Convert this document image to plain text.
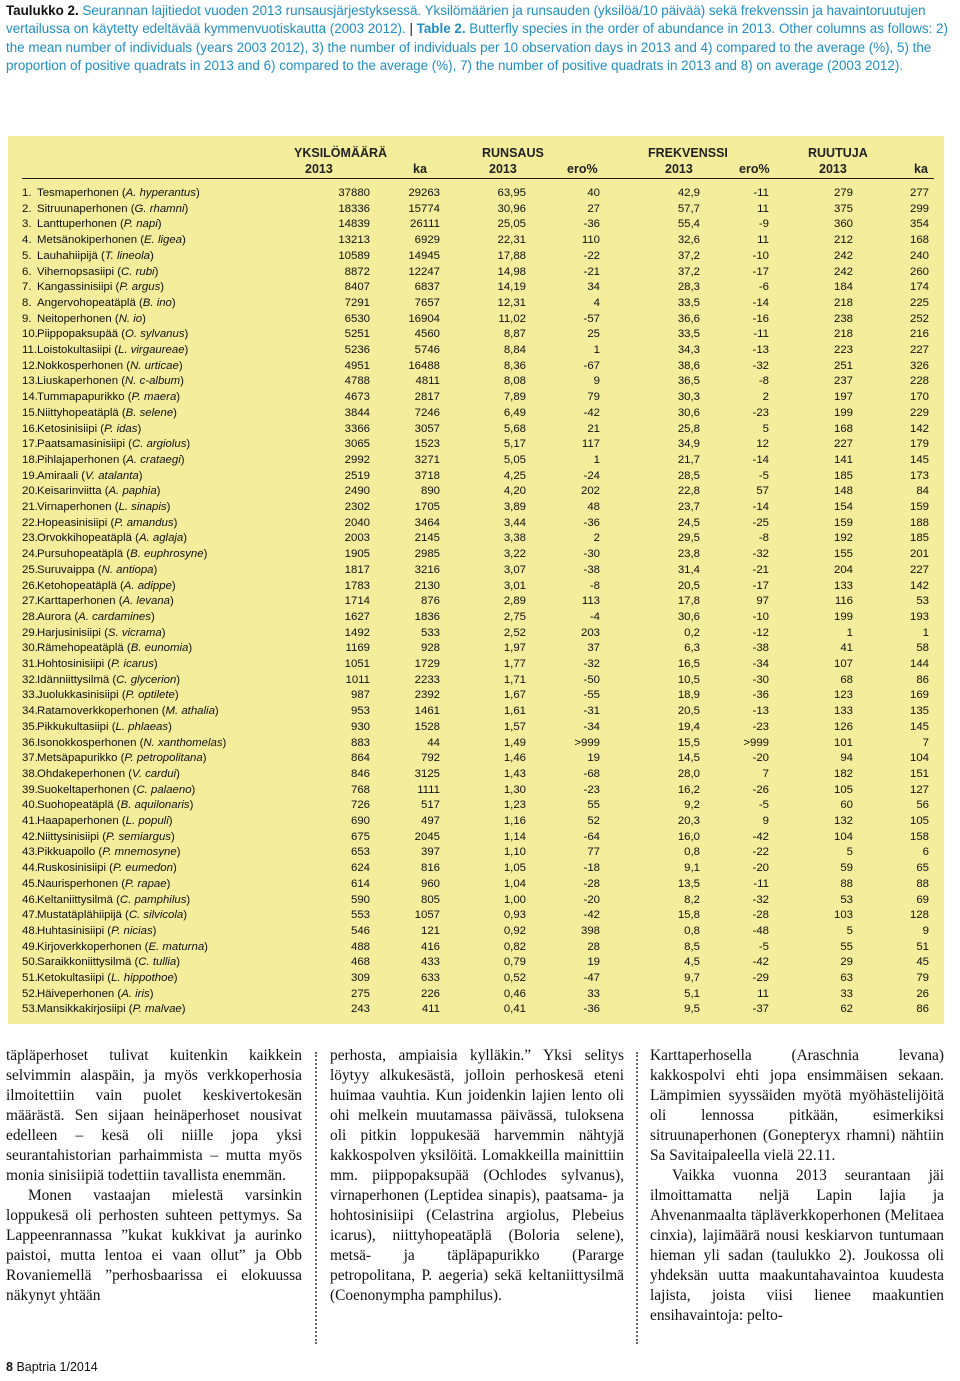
Taulukko 2. Seurannan lajitiedot vuoden 2013 runsausjärjestyksessä. Yksilömäärien ja runsauden (yksilöä/10 päivää) sekä frekvenssin ja havaintoruutujen vertailussa on käytetty edeltävää kymmenvuotiskautta (2003 2012). | Table 2. Butterfly species in the order of abundance in 2013. Other columns as follows: 2) the mean number of individuals (years 2003 2012), 3) the number of individuals per 10 observation days in 2013 and 4) compared to the average (%), 5) the proportion of positive quadrats in 2013 and 6) compared to the average (%), 7) the number of positive quadrats in 2013 and 8) on average (2003 2012).
YKSILÖMÄÄRÄ	RUNSAUS	FREKVENSSI	RUUTUJA
2013	ka	2013	ero%	2013	ero%	2013	ka
1. Tesmaperhonen (A. hyperantus)	37880	29263	63,95	40	42,9	-11	279	277
2. Sitruunaperhonen (G. rhamni)	18336	15774	30,96	27	57,7	11	375	299
3. Lanttuperhonen (P. napi)	14839	26111	25,05	-36	55,4	-9	360	354
4. Metsänokiperhonen (E. ligea)	13213	6929	22,31	110	32,6	11	212	168
5. Lauhahiipijä (T. lineola)	10589	14945	17,88	-22	37,2	-10	242	240
6. Vihernopsasiipi (C. rubi)	8872	12247	14,98	-21	37,2	-17	242	260
7. Kangassinisiipi (P. argus)	8407	6837	14,19	34	28,3	-6	184	174
8. Angervohopeatäplä (B. ino)	7291	7657	12,31	4	33,5	-14	218	225
9. Neitoperhonen (N. io)	6530	16904	11,02	-57	36,6	-16	238	252
10. Piippopaksupää (O. sylvanus)	5251	4560	8,87	25	33,5	-11	218	216
11. Loistokultasiipi (L. virgaureae)	5236	5746	8,84	1	34,3	-13	223	227
12. Nokkosperhonen (N. urticae)	4951	16488	8,36	-67	38,6	-32	251	326
13. Liuskaperhonen (N. c-album)	4788	4811	8,08	9	36,5	-8	237	228
14. Tummapapurikko (P. maera)	4673	2817	7,89	79	30,3	2	197	170
15. Niittyhopeatäplä (B. selene)	3844	7246	6,49	-42	30,6	-23	199	229
16. Ketosinisiipi (P. idas)	3366	3057	5,68	21	25,8	5	168	142
17. Paatsamasinisiipi (C. argiolus)	3065	1523	5,17	117	34,9	12	227	179
18. Pihlajaperhonen (A. crataegi)	2992	3271	5,05	1	21,7	-14	141	145
19. Amiraali (V. atalanta)	2519	3718	4,25	-24	28,5	-5	185	173
20. Keisarinviitta (A. paphia)	2490	890	4,20	202	22,8	57	148	84
21. Virnaperhonen (L. sinapis)	2302	1705	3,89	48	23,7	-14	154	159
22. Hopeasinisiipi (P. amandus)	2040	3464	3,44	-36	24,5	-25	159	188
23. Orvokkihopeatäplä (A. aglaja)	2003	2145	3,38	2	29,5	-8	192	185
24. Pursuhopeatäplä (B. euphrosyne)	1905	2985	3,22	-30	23,8	-32	155	201
25. Suruvaippa (N. antiopa)	1817	3216	3,07	-38	31,4	-21	204	227
26. Ketohopeatäplä (A. adippe)	1783	2130	3,01	-8	20,5	-17	133	142
27. Karttaperhonen (A. levana)	1714	876	2,89	113	17,8	97	116	53
28. Aurora (A. cardamines)	1627	1836	2,75	-4	30,6	-10	199	193
29. Harjusinisiipi (S. vicrama)	1492	533	2,52	203	0,2	-12	1	1
30. Rämehopeatäplä (B. eunomia)	1169	928	1,97	37	6,3	-38	41	58
31. Hohtosinisiipi (P. icarus)	1051	1729	1,77	-32	16,5	-34	107	144
32. Idänniittysilmä (C. glycerion)	1011	2233	1,71	-50	10,5	-30	68	86
33. Juolukkasinisiipi (P. optilete)	987	2392	1,67	-55	18,9	-36	123	169
34. Ratamoverkkoperhonen (M. athalia)	953	1461	1,61	-31	20,5	-13	133	135
35. Pikkukultasiipi (L. phlaeas)	930	1528	1,57	-34	19,4	-23	126	145
36. Isonokkosperhonen (N. xanthomelas)	883	44	1,49	>999	15,5	>999	101	7
37. Metsäpapurikko (P. petropolitana)	864	792	1,46	19	14,5	-20	94	104
38. Ohdakeperhonen (V. cardui)	846	3125	1,43	-68	28,0	7	182	151
39. Suokeltaperhonen (C. palaeno)	768	1111	1,30	-23	16,2	-26	105	127
40. Suohopeatäplä (B. aquilonaris)	726	517	1,23	55	9,2	-5	60	56
41. Haapaperhonen (L. populi)	690	497	1,16	52	20,3	9	132	105
42. Niittysinisiipi (P. semiargus)	675	2045	1,14	-64	16,0	-42	104	158
43. Pikkuapollo (P. mnemosyne)	653	397	1,10	77	0,8	-22	5	6
44. Ruskosinisiipi (P. eumedon)	624	816	1,05	-18	9,1	-20	59	65
45. Naurisperhonen (P. rapae)	614	960	1,04	-28	13,5	-11	88	88
46. Keltaniittysilmä (C. pamphilus)	590	805	1,00	-20	8,2	-32	53	69
47. Mustatäplähiipijä (C. silvicola)	553	1057	0,93	-42	15,8	-28	103	128
48. Huhtasinisiipi (P. nicias)	546	121	0,92	398	0,8	-48	5	9
49. Kirjoverkkoperhonen (E. maturna)	488	416	0,82	28	8,5	-5	55	51
50. Saraikkoniittysilmä (C. tullia)	468	433	0,79	19	4,5	-42	29	45
51. Ketokultasiipi (L. hippothoe)	309	633	0,52	-47	9,7	-29	63	79
52. Häiveperhonen (A. iris)	275	226	0,46	33	5,1	11	33	26
53. Mansikkakirjosiipi (P. malvae)	243	411	0,41	-36	9,5	-37	62	86

täpläperhoset tulivat kuitenkin kaikkein selvimmin alaspäin, ja myös verkkoperhosia ilmoitettiin vain puolet keskivertokesän määrästä. Sen sijaan heinäperhoset nousivat edelleen – kesä oli niille jopa yksi seurantahistorian parhaimmista – mutta myös monia sinisiipiä todettiin tavallista enemmän.

Monen vastaajan mielestä varsinkin loppukesä oli perhosten suhteen pettymys. Sa Lappeenrannassa ”kukat kukkivat ja aurinko paistoi, mutta lentoa ei vaan ollut” ja Obb Rovaniemellä ”perhosbaarissa ei elokuussa näkynyt yhtään

perhosta, ampiaisia kylläkin.” Yksi selitys löytyy alkukesästä, jolloin perhoskesä eteni huimaa vauhtia. Kun joidenkin lajien lento oli ohi melkein muutamassa päivässä, tuloksena oli pitkin loppukesää harvemmin nähtyjä kakkospolven yksilöitä. Lomakkeilla mainittiin mm. piippopaksupää (Ochlodes sylvanus), virnaperhonen (Leptidea sinapis), paatsama- ja hohtosinisiipi (Celastrina argiolus, Plebeius icarus), niittyhopeatäplä (Boloria selene), metsä- ja täpläpapurikko (Pararge petropolitana, P. aegeria) sekä keltaniittysilmä (Coenonympha pamphilus).

Karttaperhosella (Araschnia levana) kakkospolvi ehti jopa ensimmäisen sekaan. Lämpimien syyssäiden myötä myöhästelijöitä oli lennossa pitkään, esimerkiksi sitruunaperhonen (Gonepteryx rhamni) nähtiin Sa Savitaipaleella vielä 22.11.

Vaikka vuonna 2013 seurantaan jäi ilmoittamatta neljä Lapin lajia ja Ahvenanmaalta täpläverkkoperhonen (Melitaea cinxia), lajimäärä nousi keskiarvon tuntumaan hieman yli sadan (taulukko 2). Joukossa oli yhdeksän uutta maakuntahavaintoa kuudesta lajista, joista viisi lienee maakuntien ensihavaintoja: pelto-

8 Baptria 1/2014
